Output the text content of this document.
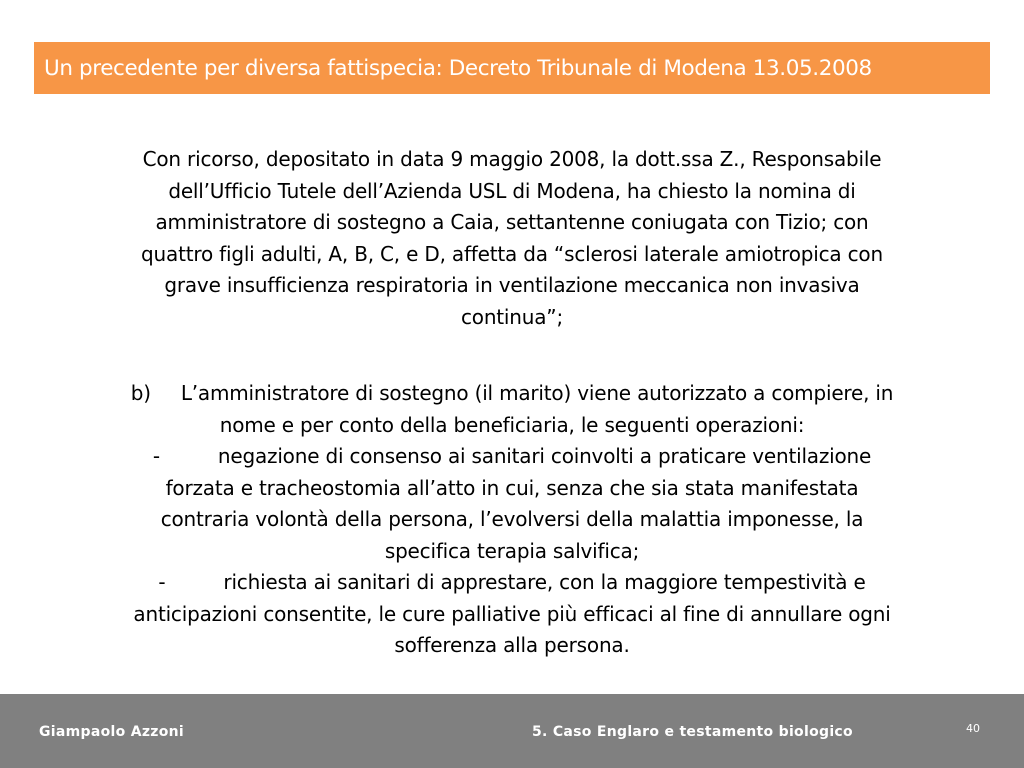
Un precedente per diversa fattispecia: Decreto Tribunale di Modena 13.05.2008
Con ricorso, depositato in data 9 maggio 2008, la dott.ssa Z., Responsabile
dell’Ufficio Tutele dell’Azienda USL di Modena, ha chiesto la nomina di
amministratore di sostegno a Caia, settantenne coniugata con Tizio; con
quattro figli adulti, A, B, C, e D, affetta da “sclerosi laterale amiotropica con
grave insufficienza respiratoria in ventilazione meccanica non invasiva
continua”;
b) L’amministratore di sostegno (il marito) viene autorizzato a compiere, in
nome e per conto della beneficiaria, le seguenti operazioni:
-	negazione di consenso ai sanitari coinvolti a praticare ventilazione
forzata e tracheostomia all’atto in cui, senza che sia stata manifestata
contraria volontà della persona, l’evolversi della malattia imponesse, la
specifica terapia salvifica;
-	richiesta ai sanitari di apprestare, con la maggiore tempestività e
anticipazioni consentite, le cure palliative più efficaci al fine di annullare ogni
sofferenza alla persona.
Giampaolo Azzoni	5. Caso Englaro e testamento biologico	40
